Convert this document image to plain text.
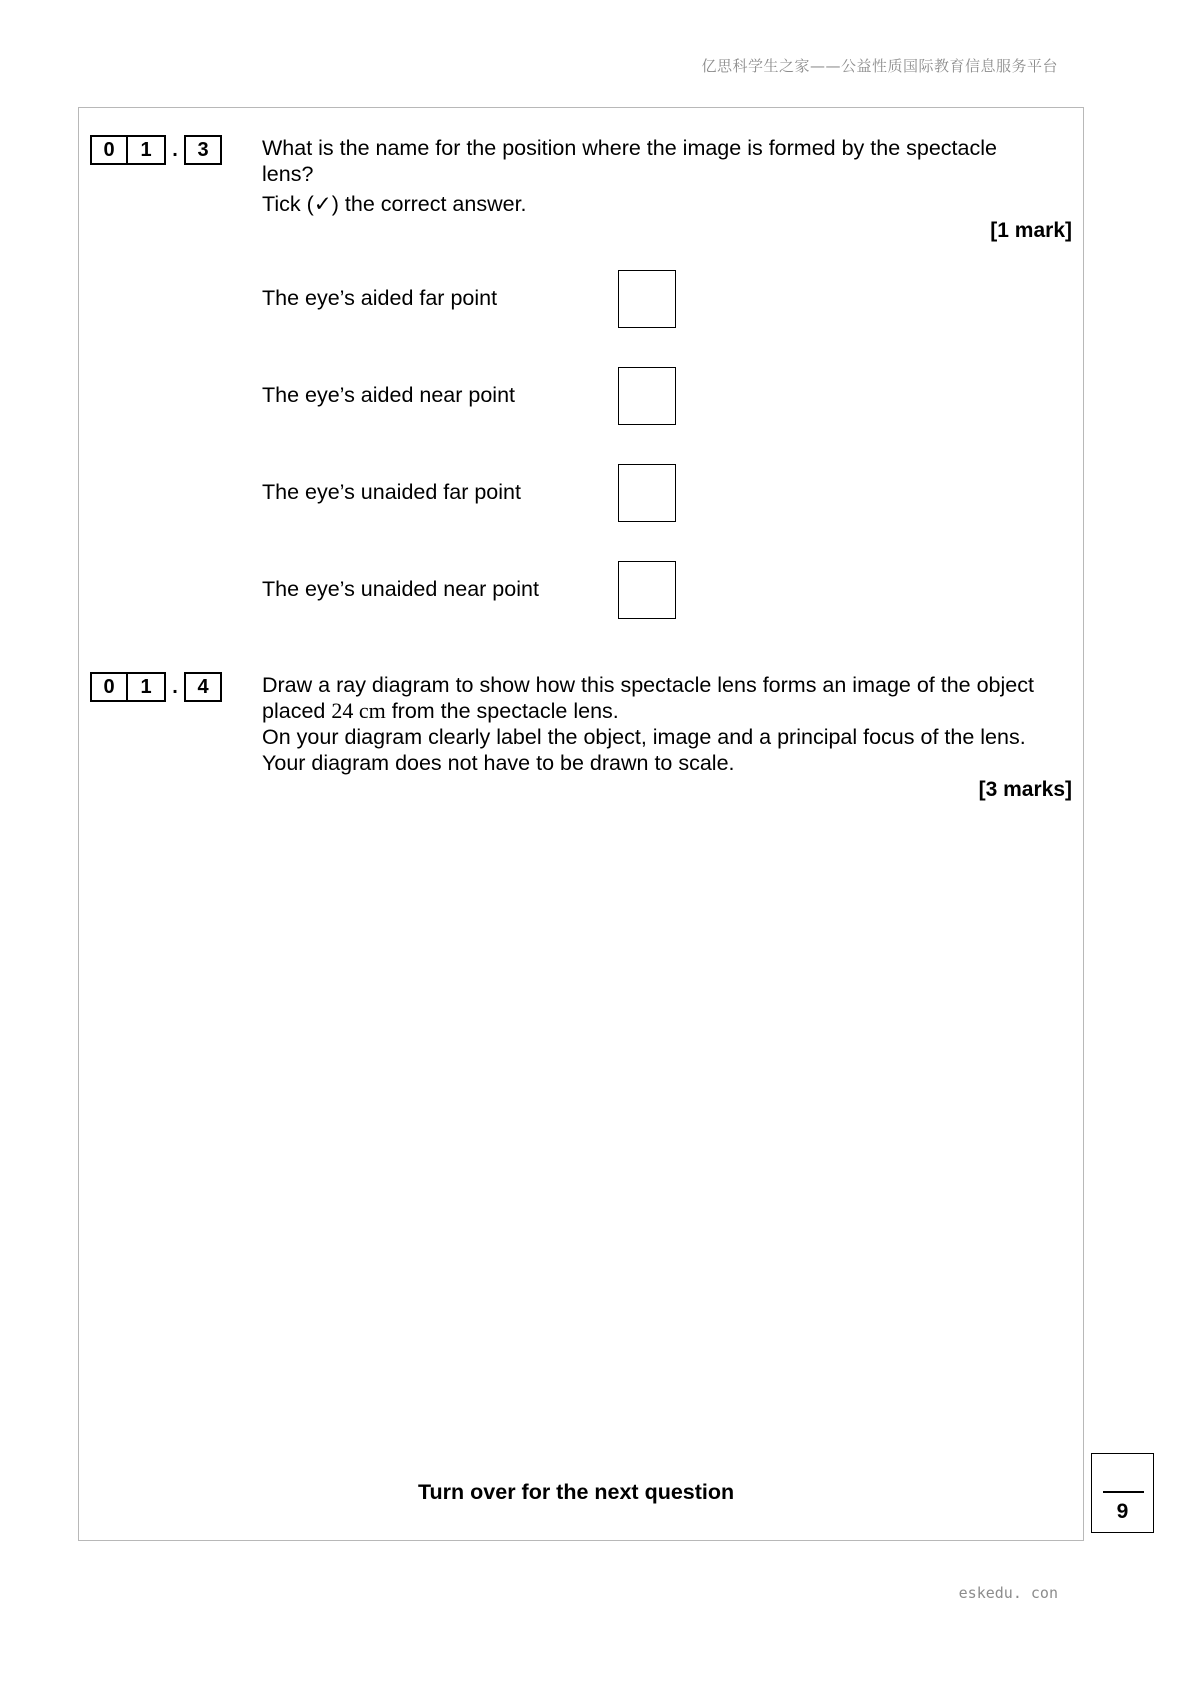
亿思科学生之家——公益性质国际教育信息服务平台
0	1	. 3	What is the name for the position where the image is formed by the spectacle lens?

Tick (✓) the correct answer.

[1 mark]
The eye’s aided far point
The eye’s aided near point
The eye’s unaided far point
The eye’s unaided near point
0	1	. 4	Draw a ray diagram to show how this spectacle lens forms an image of the object

placed 24 cm from the spectacle lens.

On your diagram clearly label the object, image and a principal focus of the lens.

Your diagram does not have to be drawn to scale.

[3 marks]
Turn over for the next question
9
eskedu. con
